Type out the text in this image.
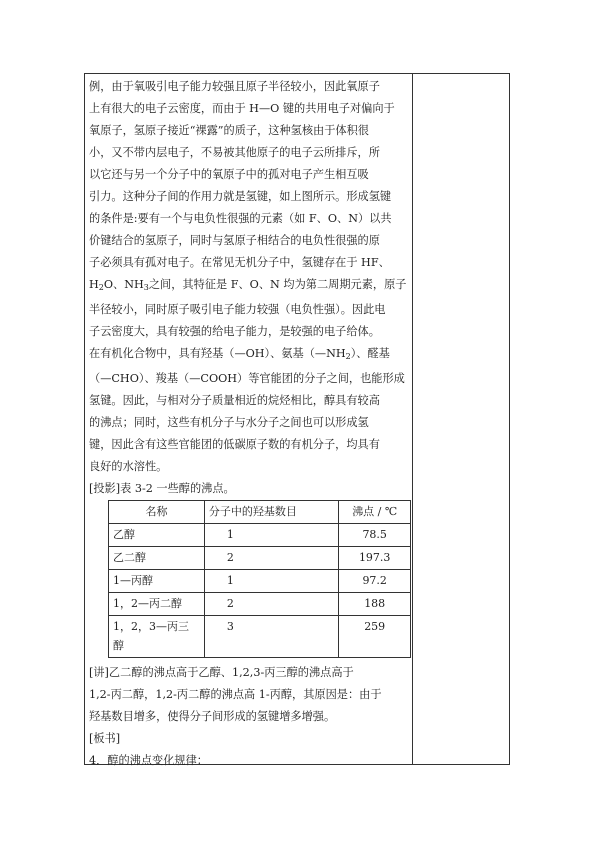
例，由于氧吸引电子能力较强且原子半径较小，因此氧原子

上有很大的电子云密度，而由于 H—O 键的共用电子对偏向于

氧原子，氢原子接近“裸露”的质子，这种氢核由于体积很

小，又不带内层电子，不易被其他原子的电子云所排斥，所

以它还与另一个分子中的氧原子中的孤对电子产生相互吸

引力。这种分子间的作用力就是氢键，如上图所示。形成氢键

的条件是:要有一个与电负性很强的元素（如 F、O、N）以共

价键结合的氢原子，同时与氢原子相结合的电负性很强的原

子必须具有孤对电子。在常见无机分子中，氢键存在于 HF、

$H_2O$、$NH_3$之间，其特征是 F、O、N 均为第二周期元素，原子

半径较小，同时原子吸引电子能力较强（电负性强）。因此电

子云密度大，具有较强的给电子能力，是较强的电子给体。

在有机化合物中，具有羟基（—OH）、氨基$(—NH_2)$、醛基

（—CHO）、羧基（—COOH）等官能团的分子之间，也能形成

氢键。因此，与相对分子质量相近的烷烃相比，醇具有较高

的沸点；同时，这些有机分子与水分子之间也可以形成氢

键，因此含有这些官能团的低碳原子数的有机分子，均具有

良好的水溶性。

[投影]表 3-2 一些醇的沸点。

名称	分子中的羟基数目	沸点 / ℃
乙醇	1	78.5
乙二醇	2	197.3
1—丙醇	1	97.2
1，2—丙二醇	2	188
1，2，3—丙三醇	3	259

[讲]乙二醇的沸点高于乙醇、1,2,3-丙三醇的沸点高于

1,2-丙二醇，1,2-丙二醇的沸点高 1-丙醇，其原因是：由于

羟基数目增多，使得分子间形成的氢键增多增强。

[板书]

4．醇的沸点变化规律：
